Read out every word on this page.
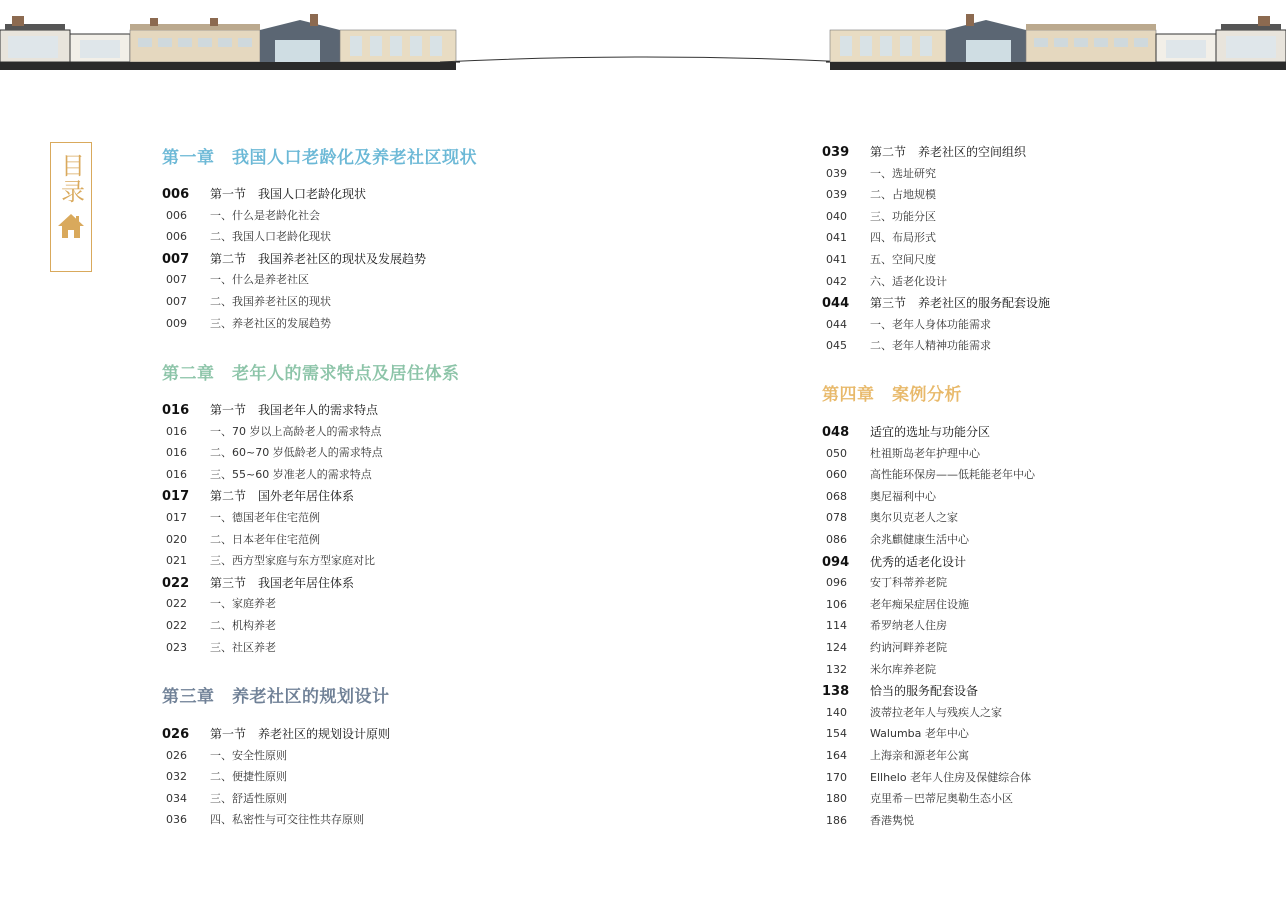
目录	第一章　我国人口老龄化及养老社区现状
006	第一节　我国人口老龄化现状
006	一、什么是老龄化社会
006	二、我国人口老龄化现状
007	第二节　我国养老社区的现状及发展趋势
007	一、什么是养老社区
007	二、我国养老社区的现状
009	三、养老社区的发展趋势
第二章　老年人的需求特点及居住体系
016	第一节　我国老年人的需求特点
016	一、70 岁以上高龄老人的需求特点
016	二、60~70 岁低龄老人的需求特点
016	三、55~60 岁准老人的需求特点
017	第二节　国外老年居住体系
017	一、德国老年住宅范例
020	二、日本老年住宅范例
021	三、西方型家庭与东方型家庭对比
022	第三节　我国老年居住体系
022	一、家庭养老
022	二、机构养老
023	三、社区养老
第三章　养老社区的规划设计
026	第一节　养老社区的规划设计原则
026	一、安全性原则
032	二、便捷性原则
034	三、舒适性原则
036	四、私密性与可交往性共存原则
039	第二节　养老社区的空间组织
039	一、选址研究
039	二、占地规模
040	三、功能分区
041	四、布局形式
041	五、空间尺度
042	六、适老化设计
044	第三节　养老社区的服务配套设施
044	一、老年人身体功能需求
045	二、老年人精神功能需求
第四章　案例分析
048	适宜的选址与功能分区
050	杜祖斯岛老年护理中心
060	高性能环保房——低耗能老年中心
068	奥尼福利中心
078	奥尔贝克老人之家
086	余兆麒健康生活中心
094	优秀的适老化设计
096	安丁科蒂养老院
106	老年痴呆症居住设施
114	希罗纳老人住房
124	约讷河畔养老院
132	米尔库养老院
138	恰当的服务配套设备
140	波蒂拉老年人与残疾人之家
154	Walumba 老年中心
164	上海亲和源老年公寓
170	Ellhelo 老年人住房及保健综合体
180	克里希－巴蒂尼奥勒生态小区
186	香港隽悦
